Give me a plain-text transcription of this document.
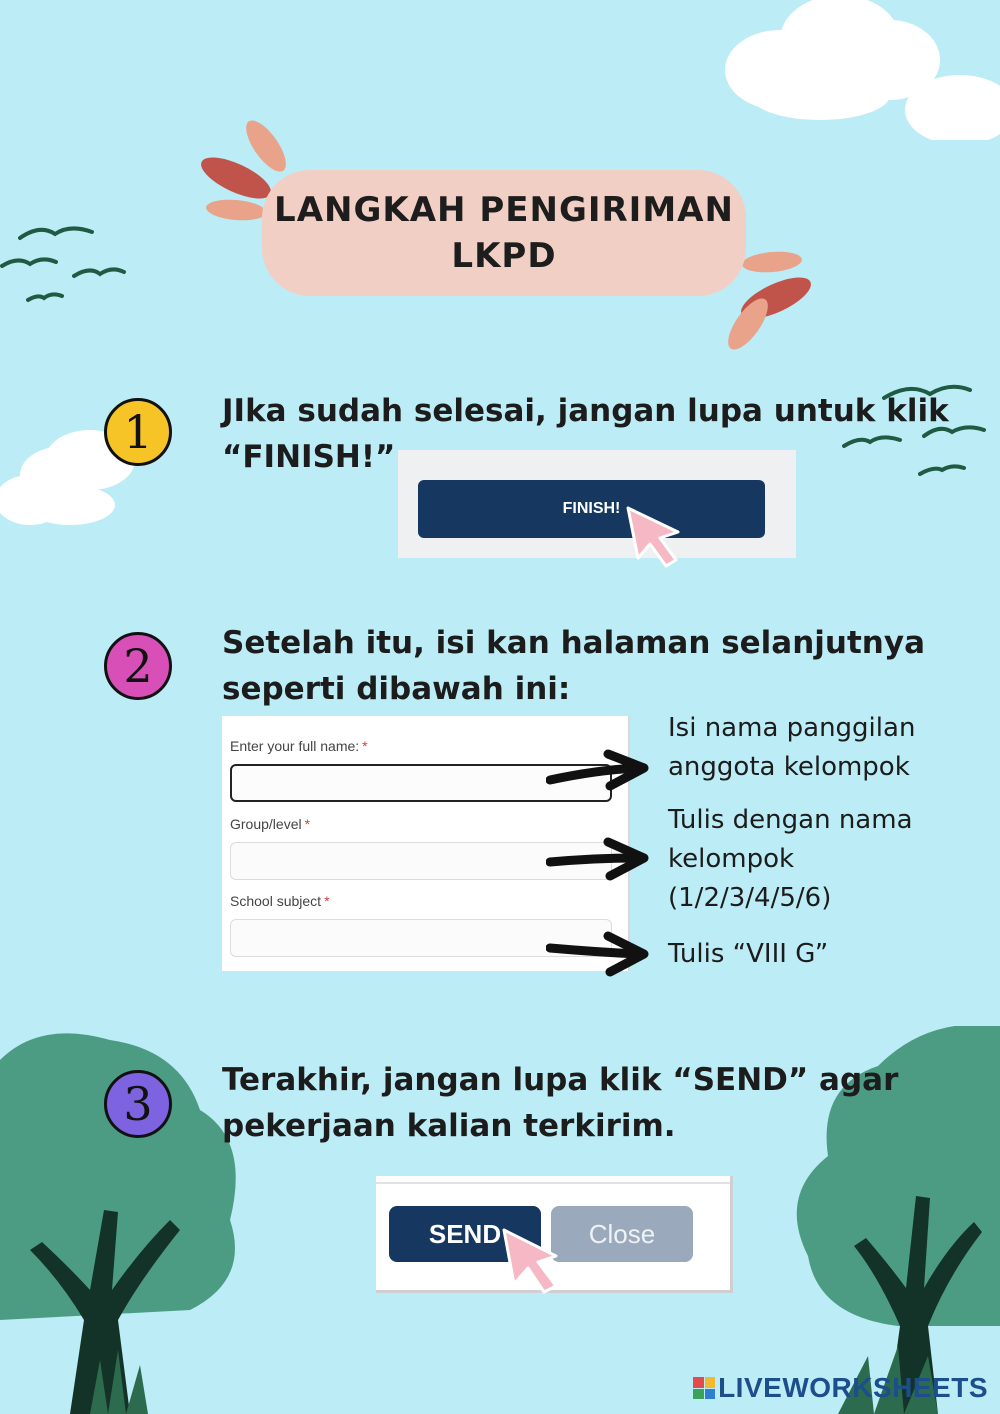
LANGKAH PENGIRIMAN
LKPD
1 JIka sudah selesai, jangan lupa untuk klik
“FINISH!”
FINISH!
2 Setelah itu, isi kan halaman selanjutnya
seperti dibawah ini:
Enter your full name: *
Group/level *
School subject *
Isi nama panggilan
anggota kelompok
Tulis dengan nama
kelompok
(1/2/3/4/5/6)
Tulis “VIII G”
3 Terakhir, jangan lupa klik “SEND” agar
pekerjaan kalian terkirim.
SEND	Close
LIVEWORKSHEETS
